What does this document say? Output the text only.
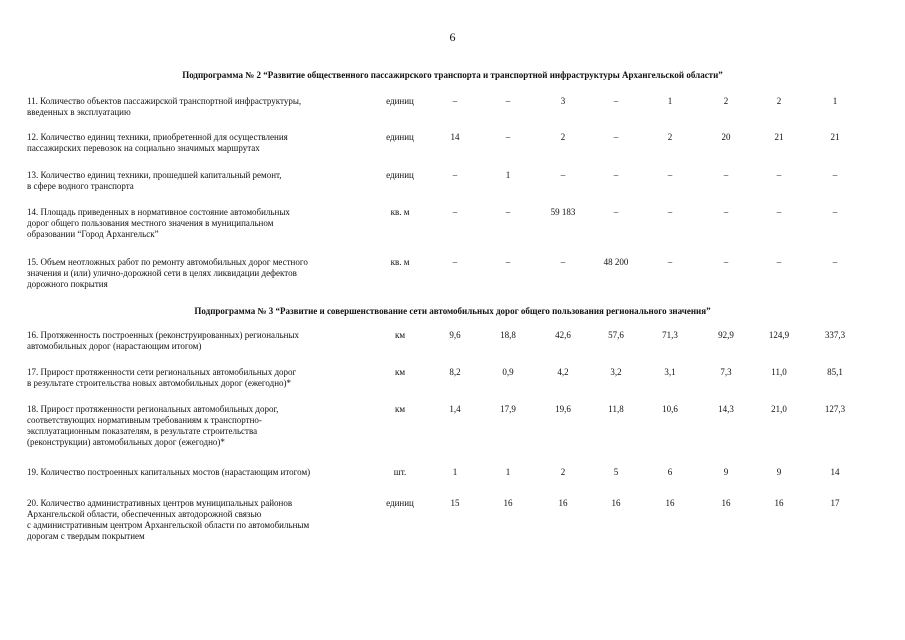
6
Подпрограмма № 2 “Развитие общественного пассажирского транспорта и транспортной инфраструктуры Архангельской области”
11. Количество объектов пассажирской транспортной инфраструктуры,
введенных в эксплуатацию
единиц	–	–	3	–	1	2	2	1
12. Количество единиц техники, приобретенной для осуществления
пассажирских перевозок на социально значимых маршрутах
единиц	14	–	2	–	2	20	21	21
13. Количество единиц техники, прошедшей капитальный ремонт,
в сфере водного транспорта
единиц	–	1	–	–	–	–	–	–
14. Площадь приведенных в нормативное состояние автомобильных
дорог общего пользования местного значения в муниципальном
образовании “Город Архангельск”
кв. м	–	–	59 183	–	–	–	–	–
15. Объем неотложных работ по ремонту автомобильных дорог местного
значения и (или) улично-дорожной сети в целях ликвидации дефектов
дорожного покрытия
кв. м	–	–	–	48 200	–	–	–	–
Подпрограмма № 3 “Развитие и совершенствование сети автомобильных дорог общего пользования регионального значения”
16. Протяженность построенных (реконструированных) региональных
автомобильных дорог (нарастающим итогом)
км	9,6	18,8	42,6	57,6	71,3	92,9	124,9	337,3
17. Прирост протяженности сети региональных автомобильных дорог
в результате строительства новых автомобильных дорог (ежегодно)*
км	8,2	0,9	4,2	3,2	3,1	7,3	11,0	85,1
18. Прирост протяженности региональных автомобильных дорог,
соответствующих нормативным требованиям к транспортно-
эксплуатационным показателям, в результате строительства
(реконструкции) автомобильных дорог (ежегодно)*
км	1,4	17,9	19,6	11,8	10,6	14,3	21,0	127,3
19. Количество построенных капитальных мостов (нарастающим итогом)	шт.	1	1	2	5	6	9	9	14
20. Количество административных центров муниципальных районов
Архангельской области, обеспеченных автодорожной связью
с административным центром Архангельской области по автомобильным
дорогам с твердым покрытием
единиц	15	16	16	16	16	16	16	17
